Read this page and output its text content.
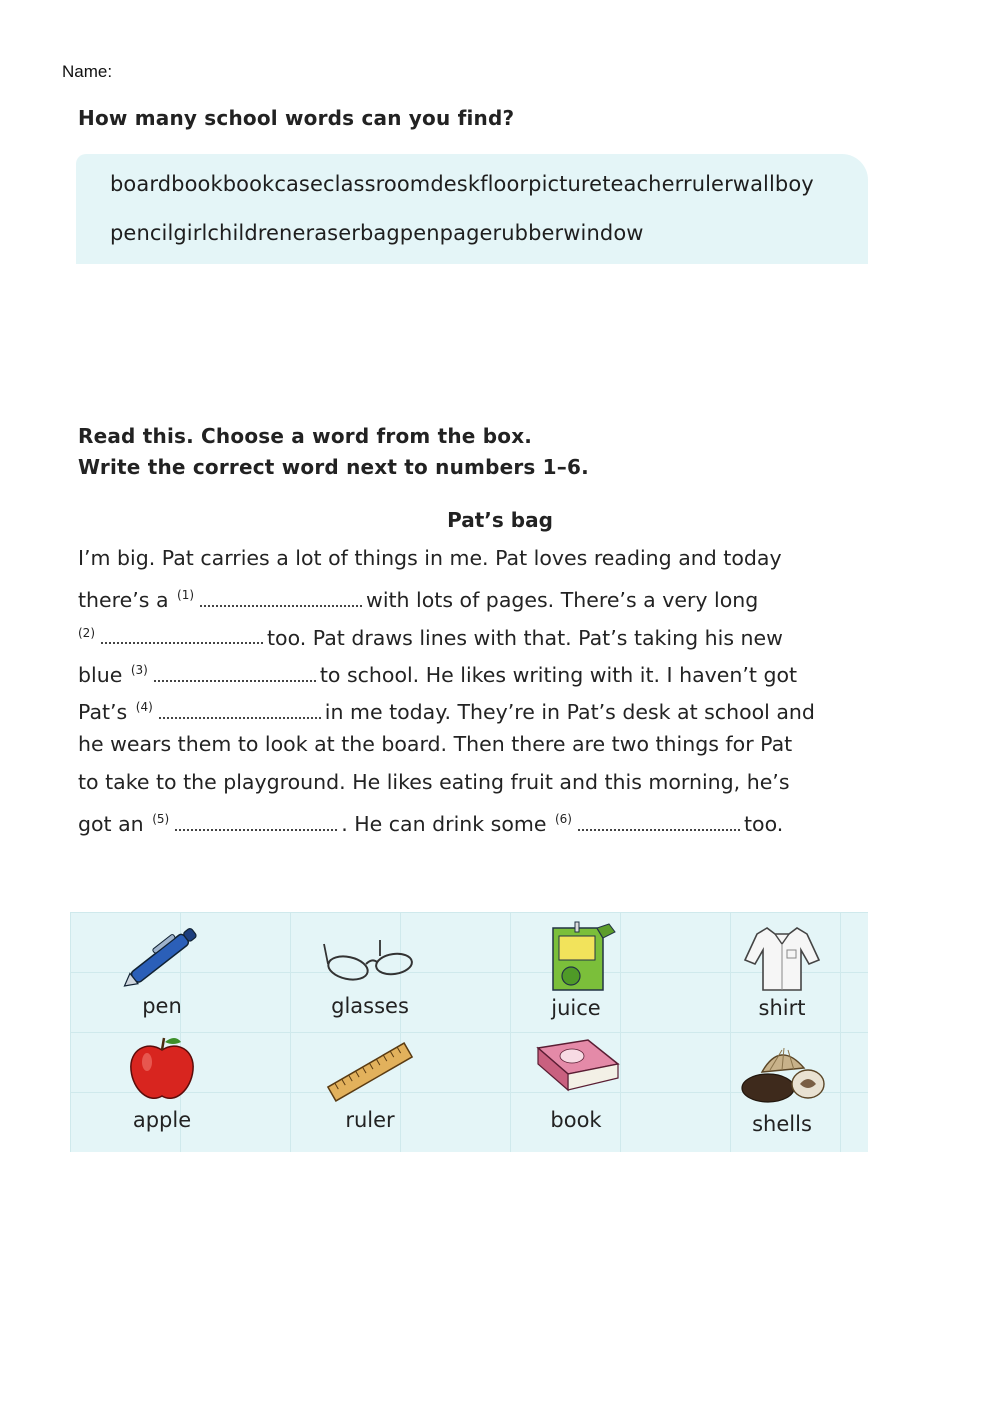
Name:
How many school words can you find?
boardbookbookcaseclassroomdeskfloorpictureteacherrulerwallboy
pencilgirlchildreneraserbagpenpagerubberwindow
Read this. Choose a word from the box.
Write the correct word next to numbers 1–6.
Pat’s bag
I’m big. Pat carries a lot of things in me. Pat loves reading and today
there’s a $^{(1)}$	with lots of pages. There’s a very long
$^{(2)}$	too. Pat draws lines with that. Pat’s taking his new
blue $^{(3)}$	to school. He likes writing with it. I haven’t got
Pat’s $^{(4)}$	in me today. They’re in Pat’s desk at school and
he wears them to look at the board. Then there are two things for Pat
to take to the playground. He likes eating fruit and this morning, he’s
got an $^{(5)}$	. He can drink some $^{(6)}$	too.
pen	glasses	juice	shirt
apple	ruler	book	shells
